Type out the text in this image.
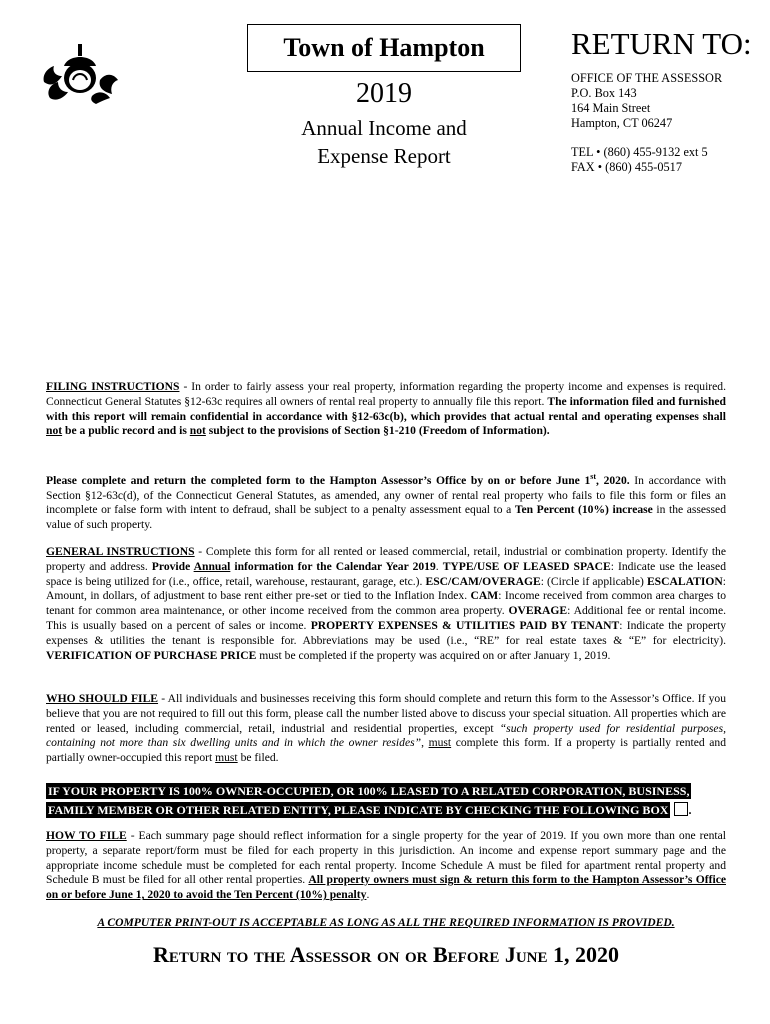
Town of Hampton
2019
Annual Income and
Expense Report
RETURN TO:
OFFICE OF THE ASSESSOR
P.O. Box 143
164 Main Street
Hampton, CT 06247
TEL • (860) 455-9132 ext 5
FAX • (860) 455-0517

FILING INSTRUCTIONS - In order to fairly assess your real property, information regarding the property income and expenses is required. Connecticut General Statutes §12-63c requires all owners of rental real property to annually file this report. The information filed and furnished with this report will remain confidential in accordance with §12-63c(b), which provides that actual rental and operating expenses shall not be a public record and is not subject to the provisions of Section §1-210 (Freedom of Information).

Please complete and return the completed form to the Hampton Assessor’s Office by on or before June 1st, 2020. In accordance with Section §12-63c(d), of the Connecticut General Statutes, as amended, any owner of rental real property who fails to file this form or files an incomplete or false form with intent to defraud, shall be subject to a penalty assessment equal to a Ten Percent (10%) increase in the assessed value of such property.

GENERAL INSTRUCTIONS - Complete this form for all rented or leased commercial, retail, industrial or combination property. Identify the property and address. Provide Annual information for the Calendar Year 2019. TYPE/USE OF LEASED SPACE: Indicate use the leased space is being utilized for (i.e., office, retail, warehouse, restaurant, garage, etc.). ESC/CAM/OVERAGE: (Circle if applicable) ESCALATION: Amount, in dollars, of adjustment to base rent either pre-set or tied to the Inflation Index. CAM: Income received from common area charges to tenant for common area maintenance, or other income received from the common area property. OVERAGE: Additional fee or rental income. This is usually based on a percent of sales or income. PROPERTY EXPENSES & UTILITIES PAID BY TENANT: Indicate the property expenses & utilities the tenant is responsible for. Abbreviations may be used (i.e., “RE” for real estate taxes & “E” for electricity). VERIFICATION OF PURCHASE PRICE must be completed if the property was acquired on or after January 1, 2019.

WHO SHOULD FILE - All individuals and businesses receiving this form should complete and return this form to the Assessor’s Office. If you believe that you are not required to fill out this form, please call the number listed above to discuss your special situation. All properties which are rented or leased, including commercial, retail, industrial and residential properties, except “such property used for residential purposes, containing not more than six dwelling units and in which the owner resides”, must complete this form. If a property is partially rented and partially owner-occupied this report must be filed.

IF YOUR PROPERTY IS 100% OWNER-OCCUPIED, OR 100% LEASED TO A RELATED CORPORATION, BUSINESS,
FAMILY MEMBER OR OTHER RELATED ENTITY, PLEASE INDICATE BY CHECKING THE FOLLOWING BOX .

HOW TO FILE - Each summary page should reflect information for a single property for the year of 2019. If you own more than one rental property, a separate report/form must be filed for each property in this jurisdiction. An income and expense report summary page and the appropriate income schedule must be completed for each rental property. Income Schedule A must be filed for apartment rental property and Schedule B must be filed for all other rental properties. All property owners must sign & return this form to the Hampton Assessor’s Office on or before June 1, 2020 to avoid the Ten Percent (10%) penalty.

A COMPUTER PRINT-OUT IS ACCEPTABLE AS LONG AS ALL THE REQUIRED INFORMATION IS PROVIDED.
Return to the Assessor on or Before June 1, 2020
